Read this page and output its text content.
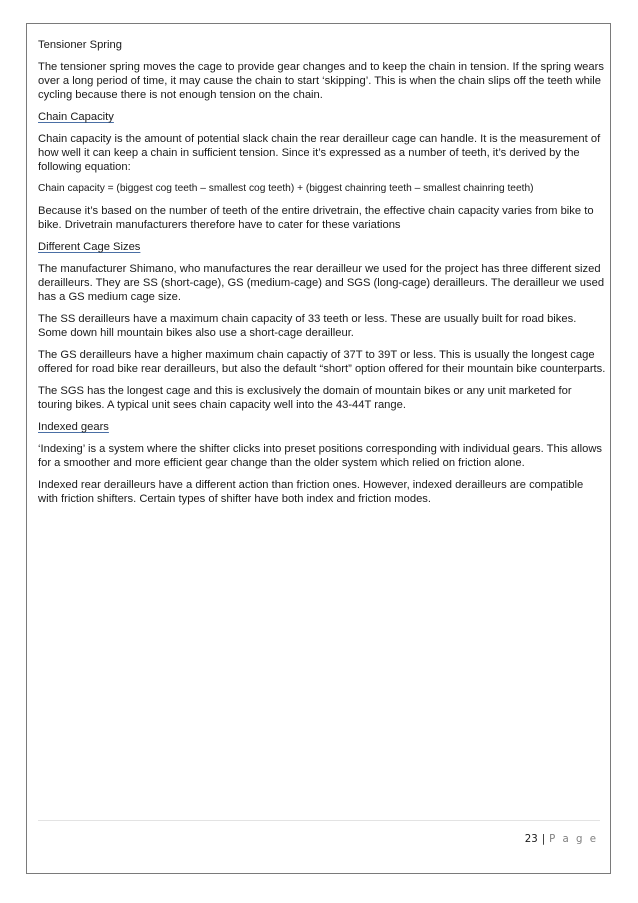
Tensioner Spring

The tensioner spring moves the cage to provide gear changes and to keep the chain in tension. If the spring wears over a long period of time, it may cause the chain to start ‘skipping’. This is when the chain slips off the teeth while cycling because there is not enough tension on the chain.

Chain Capacity

Chain capacity is the amount of potential slack chain the rear derailleur cage can handle. It is the measurement of how well it can keep a chain in sufficient tension. Since it’s expressed as a number of teeth, it’s derived by the following equation:

Chain capacity = (biggest cog teeth – smallest cog teeth) + (biggest chainring teeth – smallest chainring teeth)

Because it’s based on the number of teeth of the entire drivetrain, the effective chain capacity varies from bike to bike. Drivetrain manufacturers therefore have to cater for these variations

Different Cage Sizes

The manufacturer Shimano, who manufactures the rear derailleur we used for the project has three different sized derailleurs. They are SS (short-cage), GS (medium-cage) and SGS (long-cage) derailleurs. The derailleur we used has a GS medium cage size.

The SS derailleurs have a maximum chain capacity of 33 teeth or less. These are usually built for road bikes. Some down hill mountain bikes also use a short-cage derailleur.

The GS derailleurs have a higher maximum chain capactiy of 37T to 39T or less. This is usually the longest cage offered for road bike rear derailleurs, but also the default “short” option offered for their mountain bike counterparts.

The SGS has the longest cage and this is exclusively the domain of mountain bikes or any unit marketed for touring bikes. A typical unit sees chain capacity well into the 43-44T range.

Indexed gears

‘Indexing’ is a system where the shifter clicks into preset positions corresponding with individual gears. This allows for a smoother and more efficient gear change than the older system which relied on friction alone.

Indexed rear derailleurs have a different action than friction ones. However, indexed derailleurs are compatible with friction shifters. Certain types of shifter have both index and friction modes.

23 | P a g e
